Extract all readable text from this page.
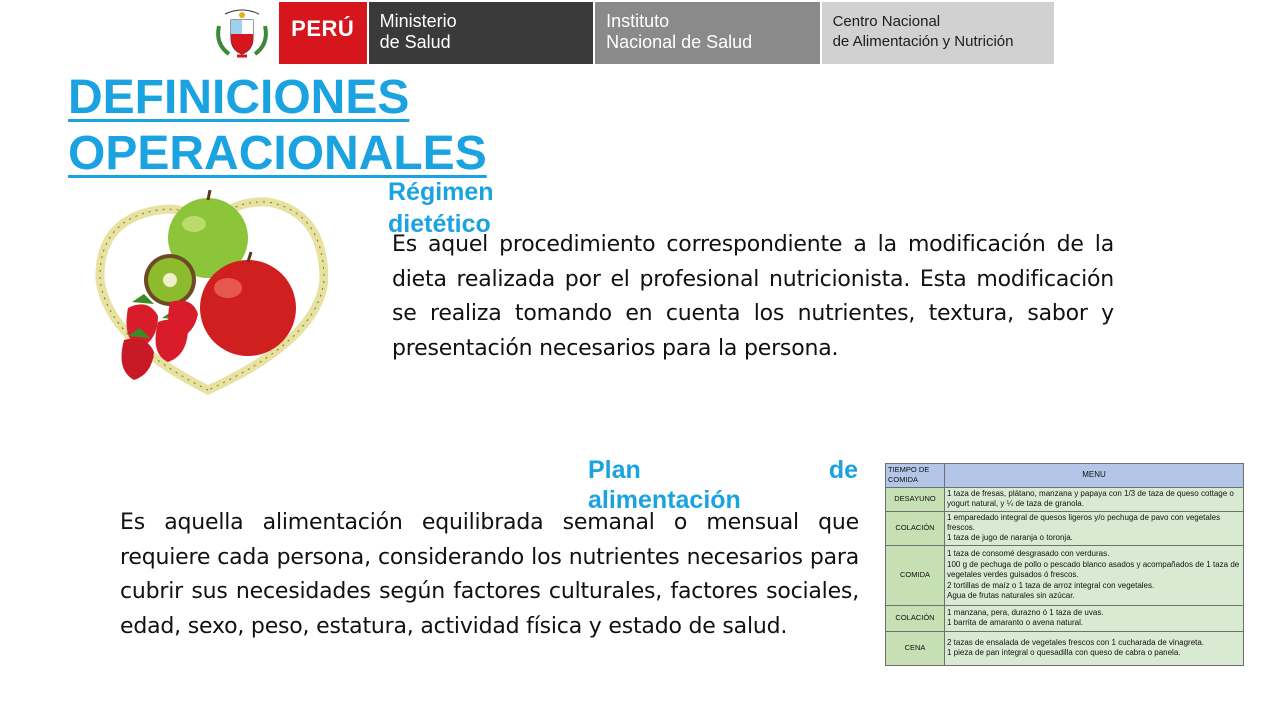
PERÚ	Ministerio
de Salud
Instituto
Nacional de Salud
Centro Nacional
de Alimentación y Nutrición
DEFINICIONES
OPERACIONALES
Régimen dietético

Es aquel procedimiento correspondiente a la modificación de la dieta realizada por el profesional nutricionista. Esta modificación se realiza tomando en cuenta los nutrientes, textura, sabor y presentación necesarios para la persona.

Plan de
alimentación

Es aquella alimentación equilibrada semanal o mensual que requiere cada persona, considerando los nutrientes necesarios para cubrir sus necesidades según factores culturales, factores sociales, edad, sexo, peso, estatura, actividad física y estado de salud.

TIEMPO DE COMIDA	MENU
DESAYUNO	1 taza de fresas, plátano, manzana y papaya con 1/3 de taza de queso cottage o yogurt natural, y ¼ de taza de granola.

COLACIÓN	1 emparedado integral de quesos ligeros y/o pechuga de pavo con vegetales frescos.
1 taza de jugo de naranja o toronja.

COMIDA	1 taza de consomé desgrasado con verduras.
100 g de pechuga de pollo o pescado blanco asados y acompañados de 1 taza de vegetales verdes guisados ó frescos.
2 tortillas de maíz o 1 taza de arroz integral con vegetales.
Agua de frutas naturales sin azúcar.

COLACIÓN	1 manzana, pera, durazno ó 1 taza de uvas.
1 barrita de amaranto o avena natural.

CENA	2 tazas de ensalada de vegetales frescos con 1 cucharada de vinagreta.
1 pieza de pan integral o quesadilla con queso de cabra o panela.
